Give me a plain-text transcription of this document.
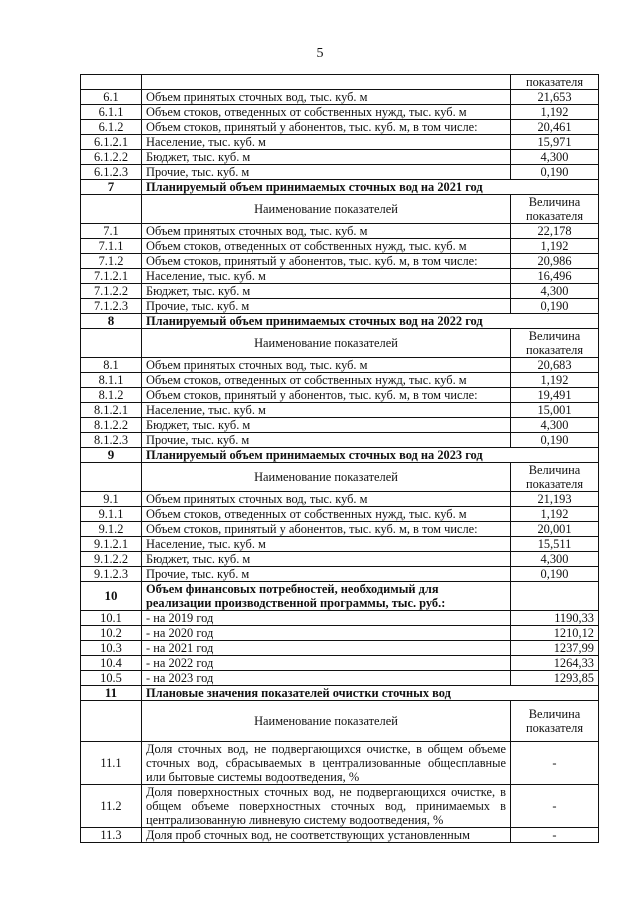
5
		показателя
6.1	Объем принятых сточных вод, тыс. куб. м	21,653
6.1.1	Объем стоков, отведенных от собственных нужд, тыс. куб. м	1,192
6.1.2	Объем стоков, принятый у абонентов, тыс. куб. м, в том числе:	20,461
6.1.2.1	Население, тыс. куб. м	15,971
6.1.2.2	Бюджет, тыс. куб. м	4,300
6.1.2.3	Прочие, тыс. куб. м	0,190
7	Планируемый объем принимаемых сточных вод на 2021 год	
	Наименование показателей	Величина показателя
7.1	Объем принятых сточных вод, тыс. куб. м	22,178
7.1.1	Объем стоков, отведенных от собственных нужд, тыс. куб. м	1,192
7.1.2	Объем стоков, принятый у абонентов, тыс. куб. м, в том числе:	20,986
7.1.2.1	Население, тыс. куб. м	16,496
7.1.2.2	Бюджет, тыс. куб. м	4,300
7.1.2.3	Прочие, тыс. куб. м	0,190
8	Планируемый объем принимаемых сточных вод на 2022 год	
	Наименование показателей	Величина показателя
8.1	Объем принятых сточных вод, тыс. куб. м	20,683
8.1.1	Объем стоков, отведенных от собственных нужд, тыс. куб. м	1,192
8.1.2	Объем стоков, принятый у абонентов, тыс. куб. м, в том числе:	19,491
8.1.2.1	Население, тыс. куб. м	15,001
8.1.2.2	Бюджет, тыс. куб. м	4,300
8.1.2.3	Прочие, тыс. куб. м	0,190
9	Планируемый объем принимаемых сточных вод на 2023 год	
	Наименование показателей	Величина показателя
9.1	Объем принятых сточных вод, тыс. куб. м	21,193
9.1.1	Объем стоков, отведенных от собственных нужд, тыс. куб. м	1,192
9.1.2	Объем стоков, принятый у абонентов, тыс. куб. м, в том числе:	20,001
9.1.2.1	Население, тыс. куб. м	15,511
9.1.2.2	Бюджет, тыс. куб. м	4,300
9.1.2.3	Прочие, тыс. куб. м	0,190
10	Объем финансовых потребностей, необходимый для реализации производственной программы, тыс. руб.:	
10.1	- на 2019 год	1190,33
10.2	- на 2020 год	1210,12
10.3	- на 2021 год	1237,99
10.4	- на 2022 год	1264,33
10.5	- на 2023 год	1293,85
11	Плановые значения показателей очистки сточных вод	
	Наименование показателей	Величина показателя
11.1	Доля сточных вод, не подвергающихся очистке, в общем объеме сточных вод, сбрасываемых в централизованные общесплавные или бытовые системы водоотведения, %	-
11.2	Доля поверхностных сточных вод, не подвергающихся очистке, в общем объеме поверхностных сточных вод, принимаемых в централизованную ливневую систему водоотведения, %	-
11.3	Доля проб сточных вод, не соответствующих установленным	-
